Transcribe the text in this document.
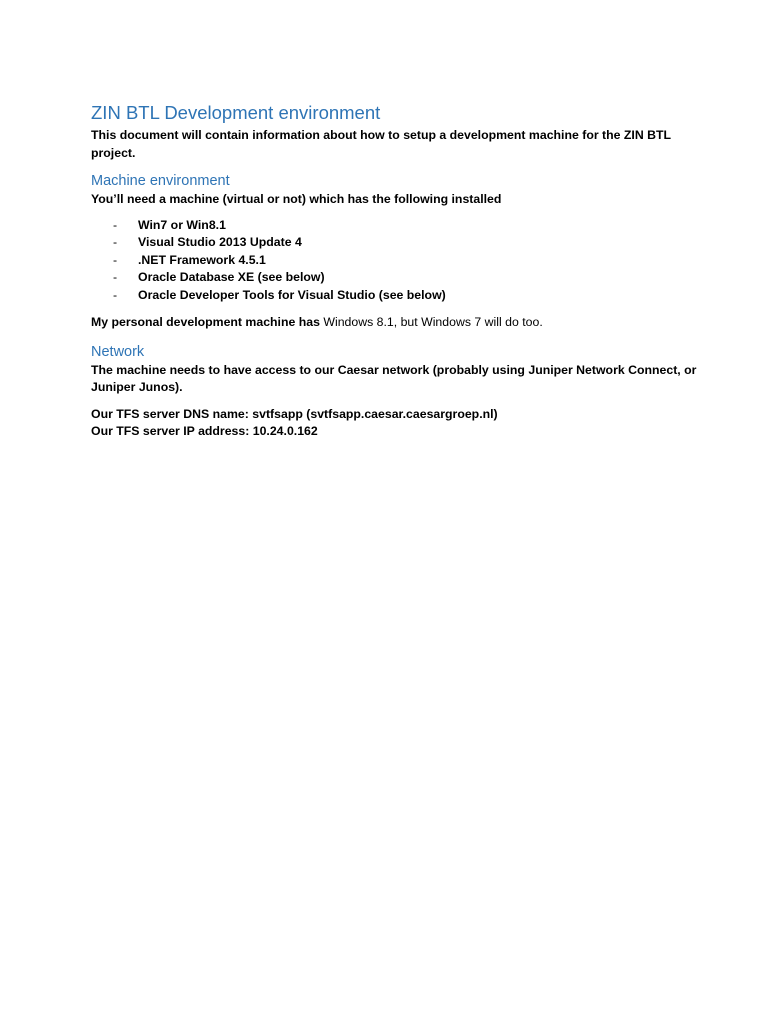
ZIN BTL Development environment

This document will contain information about how to setup a development machine for the ZIN BTL project.

Machine environment

You’ll need a machine (virtual or not) which has the following installed

- Win7 or Win8.1
- Visual Studio 2013 Update 4
- .NET Framework 4.5.1
- Oracle Database XE (see below)
- Oracle Developer Tools for Visual Studio (see below)

My personal development machine has Windows 8.1, but Windows 7 will do too.

Network

The machine needs to have access to our Caesar network (probably using Juniper Network Connect, or Juniper Junos).

Our TFS server DNS name: svtfsapp (svtfsapp.caesar.caesargroep.nl)

Our TFS server IP address: 10.24.0.162
